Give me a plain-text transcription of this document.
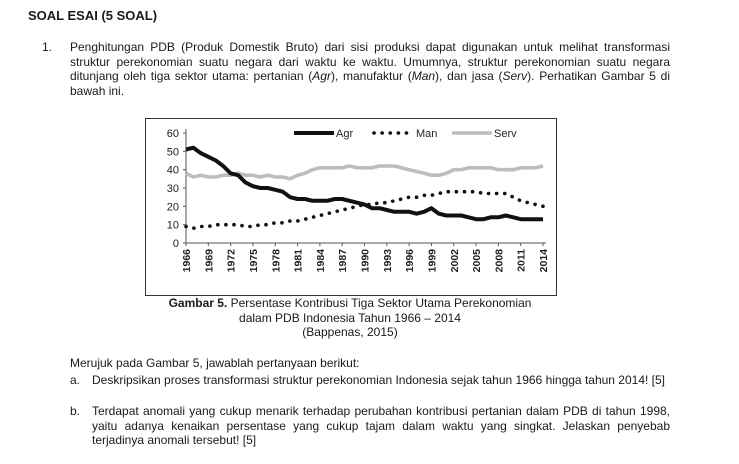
SOAL ESAI (5 SOAL)
1. Penghitungan PDB (Produk Domestik Bruto) dari sisi produksi dapat digunakan untuk melihat transformasi struktur perekonomian suatu negara dari waktu ke waktu. Umumnya, struktur perekonomian suatu negara ditunjang oleh tiga sektor utama: pertanian (Agr), manufaktur (Man), dan jasa (Serv). Perhatikan Gambar 5 di bawah ini.
0
10
20
30
40
50
60
1966 1969 1972 1975 1978 1981 1984 1987 1990 1993 1996 1999 2002 2005 2008 2011 2014
Agr	Man	Serv
Gambar 5. Persentase Kontribusi Tiga Sektor Utama Perekonomian
dalam PDB Indonesia Tahun 1966 – 2014
(Bappenas, 2015)
Merujuk pada Gambar 5, jawablah pertanyaan berikut:
a. Deskripsikan proses transformasi struktur perekonomian Indonesia sejak tahun 1966 hingga tahun 2014! [5]
b. Terdapat anomali yang cukup menarik terhadap perubahan kontribusi pertanian dalam PDB di tahun 1998, yaitu adanya kenaikan persentase yang cukup tajam dalam waktu yang singkat. Jelaskan penyebab terjadinya anomali tersebut! [5]
